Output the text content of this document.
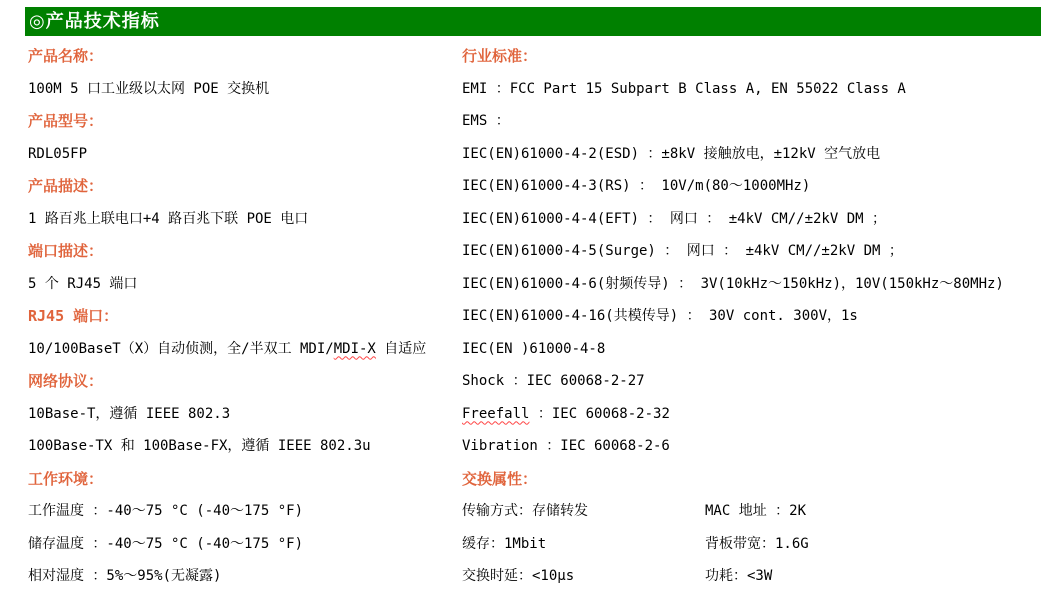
◎产品技术指标
产品名称：
100M 5 口工业级以太网 POE 交换机
产品型号：
RDL05FP
产品描述：
1 路百兆上联电口+4 路百兆下联 POE 电口
端口描述：
5 个 RJ45 端口
RJ45 端口：
10/100BaseT（X）自动侦测，全/半双工 MDI/MDI-X 自适应
网络协议：
10Base-T，遵循 IEEE 802.3
100Base-TX 和 100Base-FX，遵循 IEEE 802.3u
工作环境：
工作温度 ：-40～75 °C (-40～175 °F)
储存温度 ：-40～75 °C (-40～175 °F)
相对湿度 ：5%～95%(无凝露)
行业标准：
EMI ：FCC Part 15 Subpart B Class A, EN 55022 Class A
EMS ：
IEC(EN)61000-4-2(ESD) ：±8kV 接触放电，±12kV 空气放电
IEC(EN)61000-4-3(RS) ： 10V/m(80～1000MHz)
IEC(EN)61000-4-4(EFT) ： 网口 ： ±4kV CM//±2kV DM ；
IEC(EN)61000-4-5(Surge) ： 网口 ： ±4kV CM//±2kV DM ；
IEC(EN)61000-4-6(射频传导) ： 3V(10kHz～150kHz)，10V(150kHz～80MHz)
IEC(EN)61000-4-16(共模传导) ： 30V cont. 300V，1s
IEC(EN )61000-4-8
Shock ：IEC 60068-2-27
Freefall ：IEC 60068-2-32
Vibration ：IEC 60068-2-6
交换属性：
传输方式：存储转发	MAC 地址 ：2K
缓存：1Mbit	背板带宽：1.6G
交换时延：<10µs	功耗：<3W
